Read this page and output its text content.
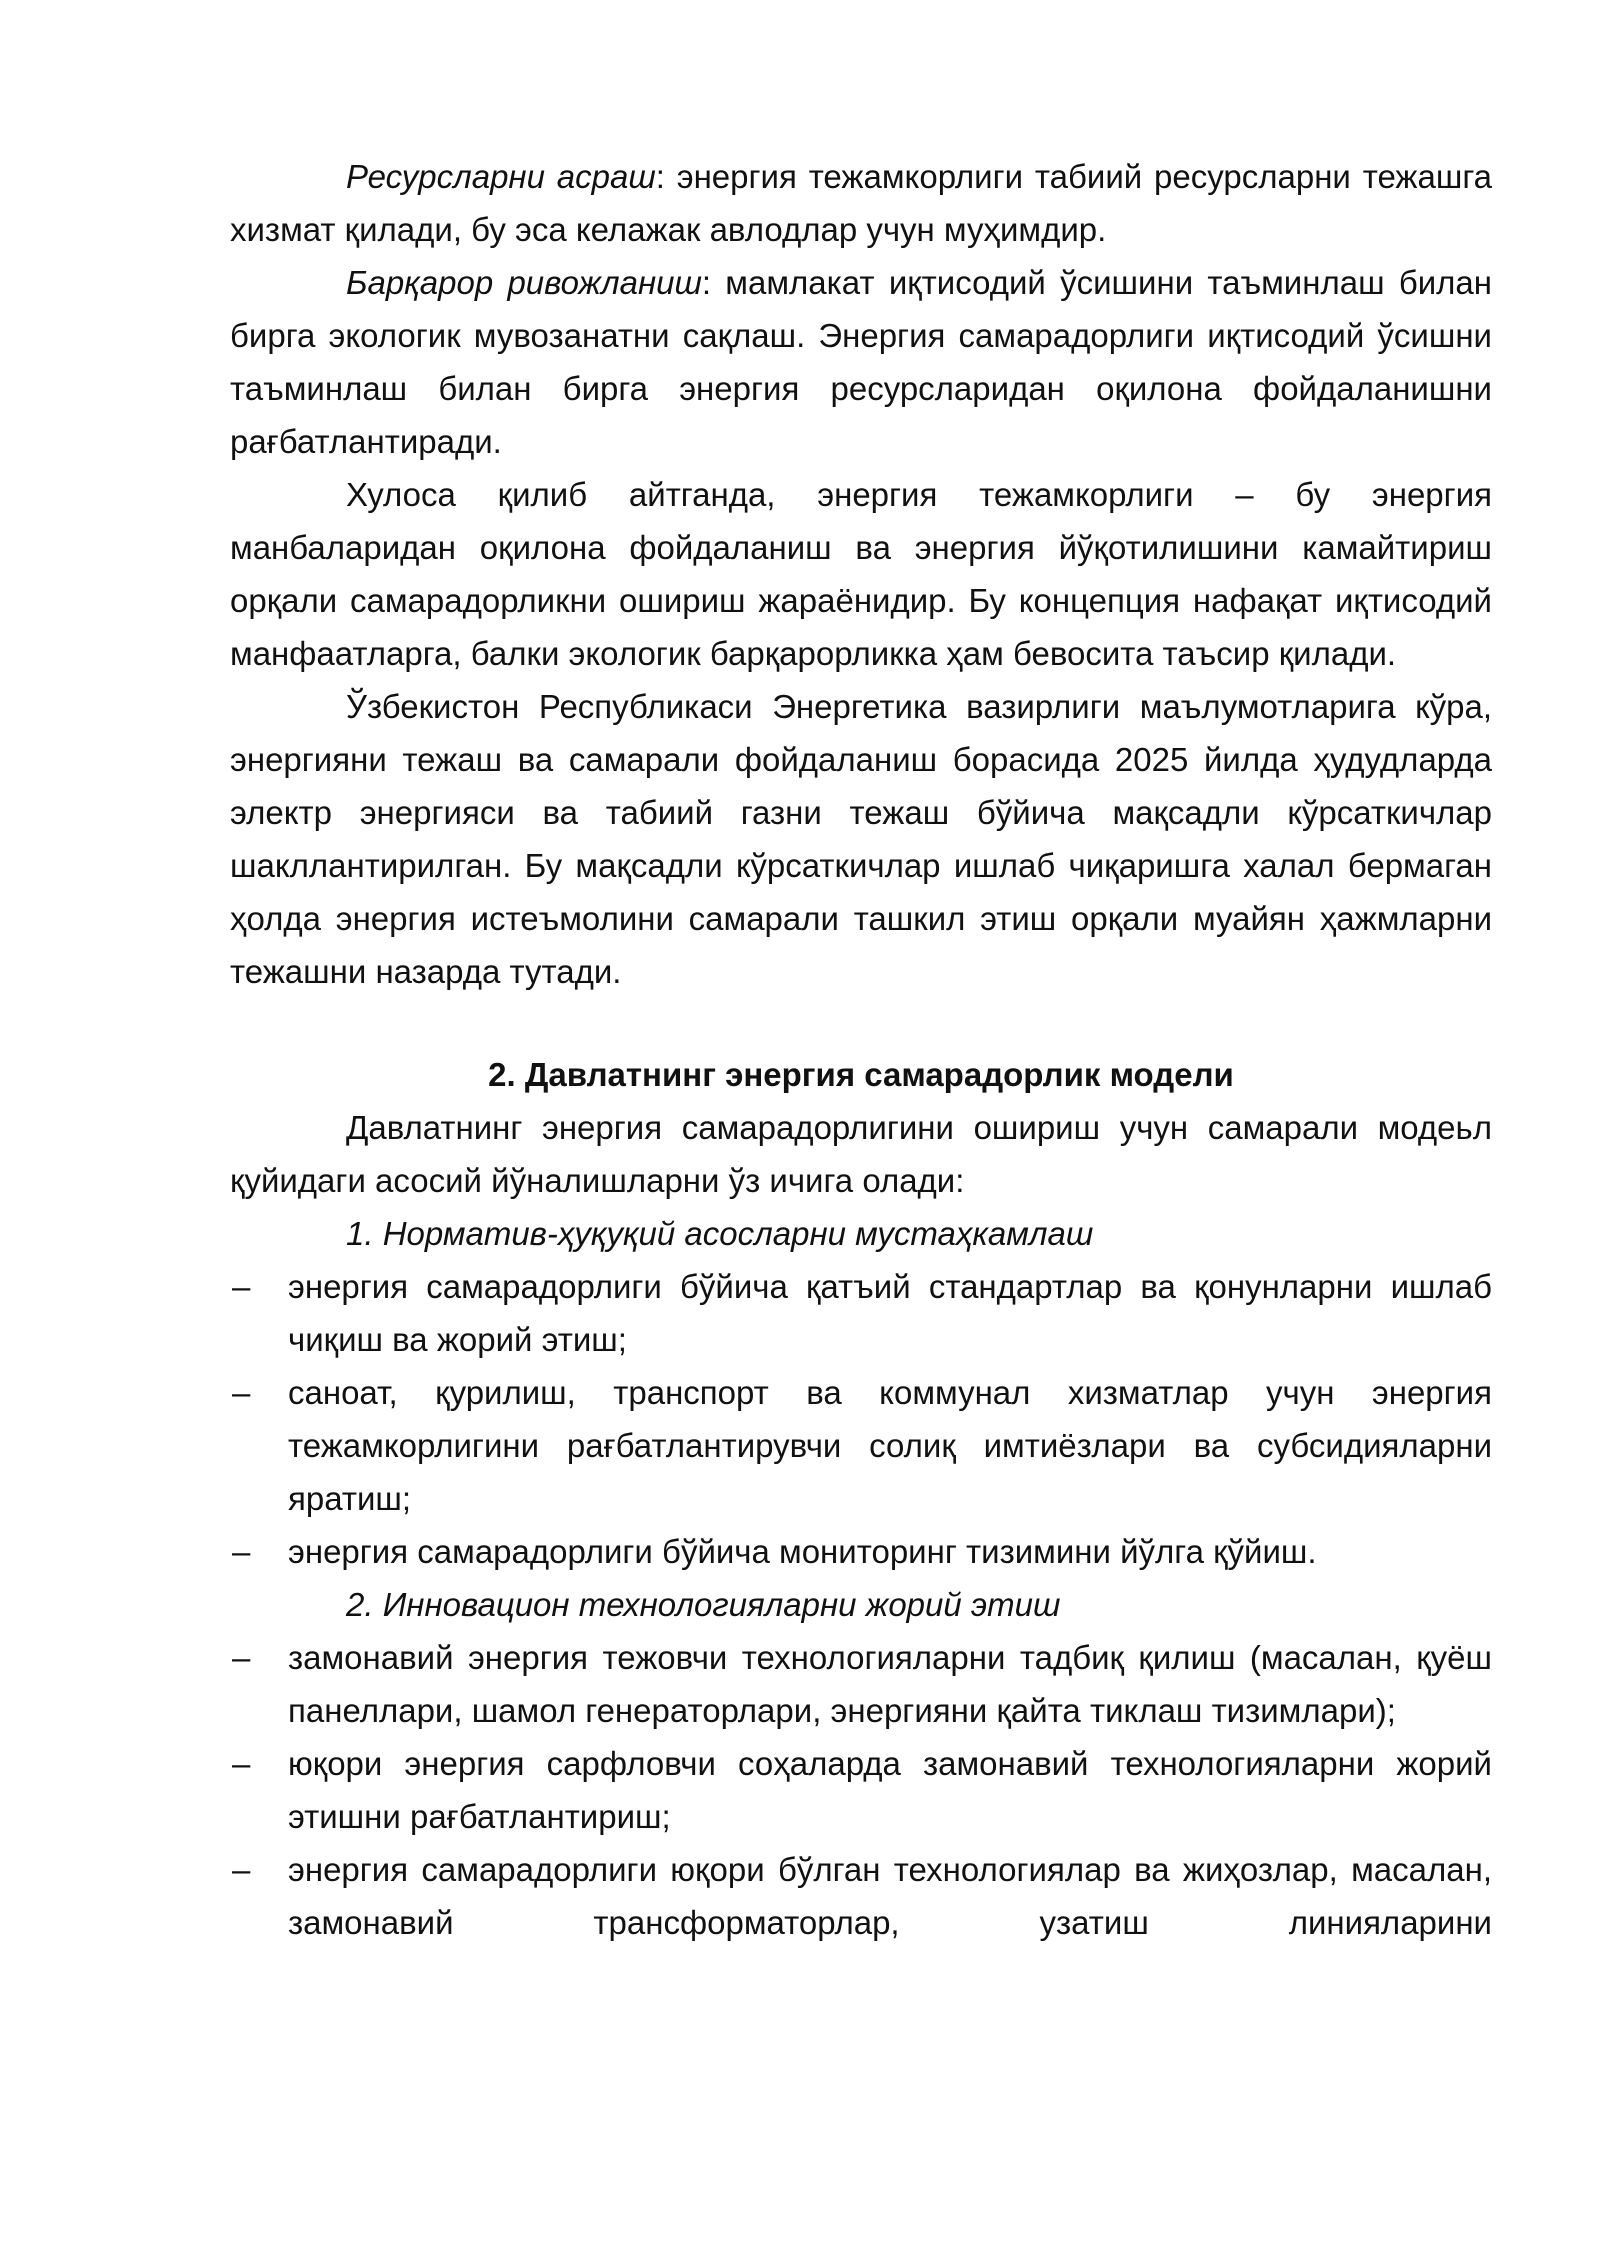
Ресурсларни асраш: энергия тежамкорлиги табиий ресурсларни тежашга хизмат қилади, бу эса келажак авлодлар учун муҳимдир.

Барқарор ривожланиш: мамлакат иқтисодий ўсишини таъминлаш билан бирга экологик мувозанатни сақлаш. Энергия самарадорлиги иқтисодий ўсишни таъминлаш билан бирга энергия ресурсларидан оқилона фойдаланишни рағбатлантиради.

Хулоса қилиб айтганда, энергия тежамкорлиги – бу энергия манбаларидан оқилона фойдаланиш ва энергия йўқотилишини камайтириш орқали самарадорликни ошириш жараёнидир. Бу концепция нафақат иқтисодий манфаатларга, балки экологик барқарорликка ҳам бевосита таъсир қилади.

Ўзбекистон Республикаси Энергетика вазирлиги маълумотларига кўра, энергияни тежаш ва самарали фойдаланиш борасида 2025 йилда ҳудудларда электр энергияси ва табиий газни тежаш бўйича мақсадли кўрсаткичлар шакллантирилган. Бу мақсадли кўрсаткичлар ишлаб чиқаришга халал бермаган ҳолда энергия истеъмолини самарали ташкил этиш орқали муайян ҳажмларни тежашни назарда тутади.

2. Давлатнинг энергия самарадорлик модели

Давлатнинг энергия самарадорлигини ошириш учун самарали модеьл қуйидаги асосий йўналишларни ўз ичига олади:

1. Норматив-ҳуқуқий асосларни мустаҳкамлаш

– энергия самарадорлиги бўйича қатъий стандартлар ва қонунларни ишлаб чиқиш ва жорий этиш;
– саноат, қурилиш, транспорт ва коммунал хизматлар учун энергия тежамкорлигини рағбатлантирувчи солиқ имтиёзлари ва субсидияларни яратиш;
– энергия самарадорлиги бўйича мониторинг тизимини йўлга қўйиш.

2. Инновацион технологияларни жорий этиш

– замонавий энергия тежовчи технологияларни тадбиқ қилиш (масалан, қуёш панеллари, шамол генераторлари, энергияни қайта тиклаш тизимлари);
– юқори энергия сарфловчи соҳаларда замонавий технологияларни жорий этишни рағбатлантириш;
– энергия самарадорлиги юқори бўлган технологиялар ва жиҳозлар, масалан, замонавий трансформаторлар, узатиш линияларини
